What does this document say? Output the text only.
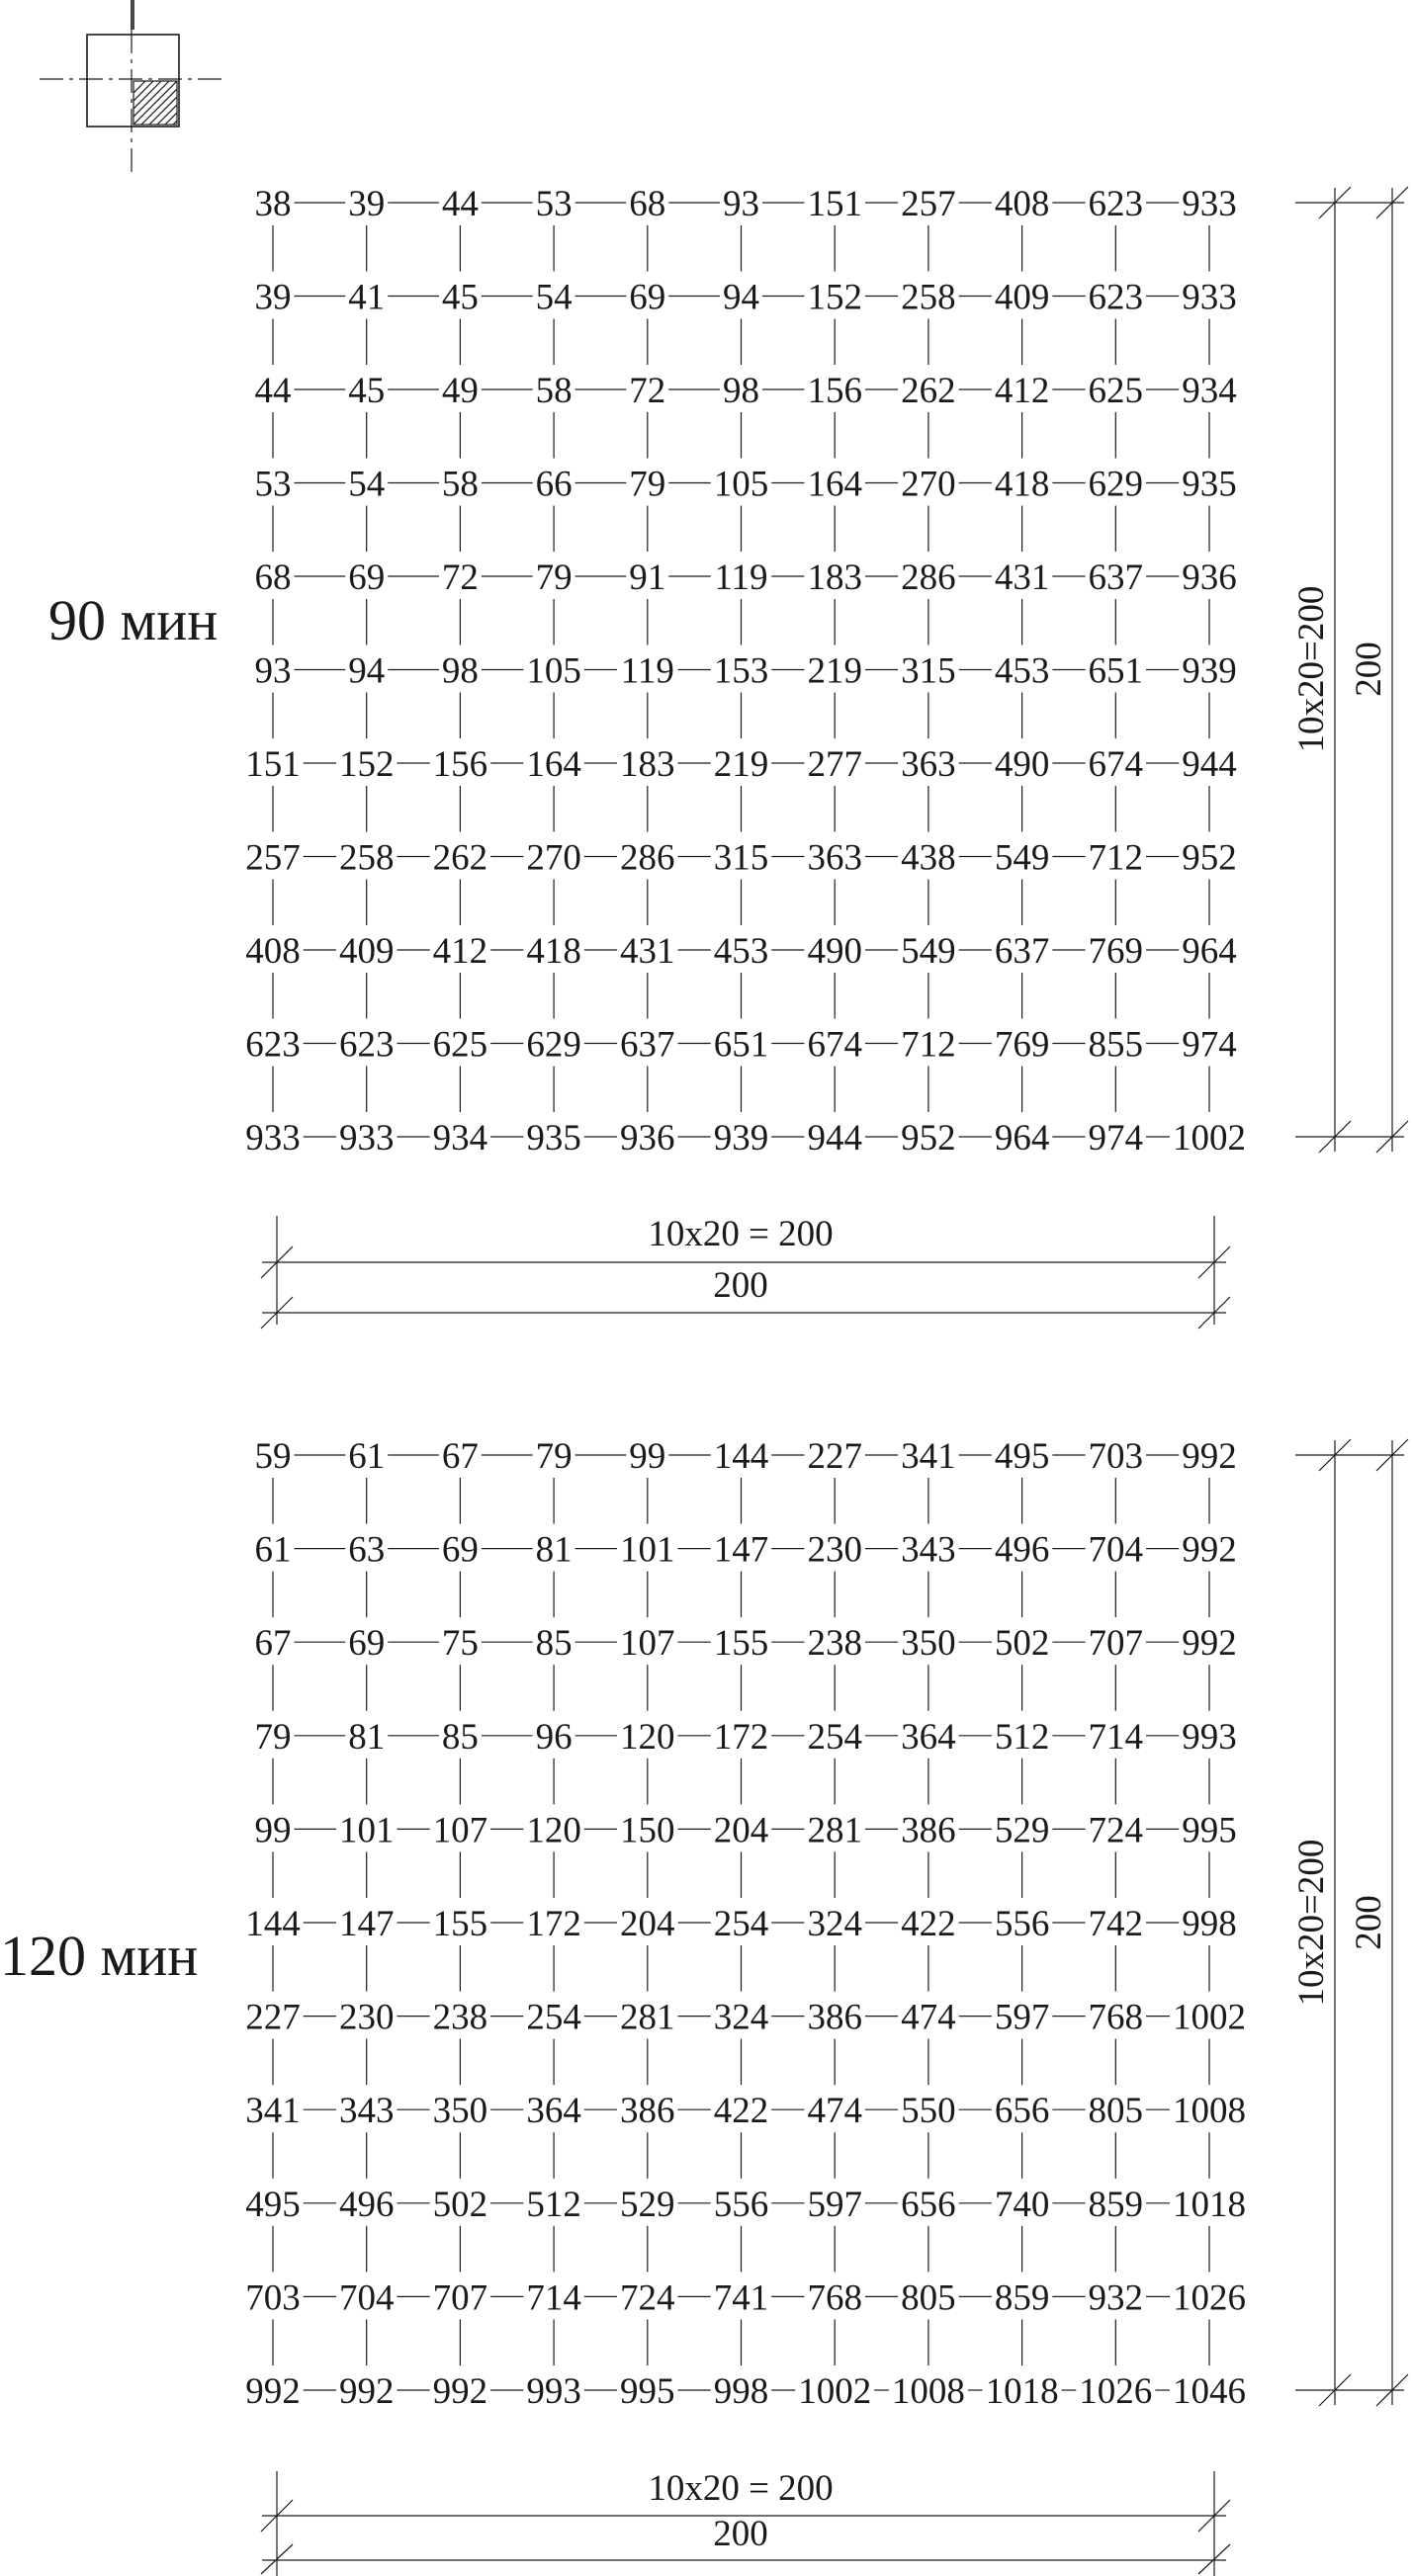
90 мин
38 39 44 53 68 93 151 257 408 623 933
39 41 45 54 69 94 152 258 409 623 933
44 45 49 58 72 98 156 262 412 625 934
53 54 58 66 79 105 164 270 418 629 935
68 69 72 79 91 119 183 286 431 637 936
93 94 98 105 119 153 219 315 453 651 939
151 152 156 164 183 219 277 363 490 674 944
257 258 262 270 286 315 363 438 549 712 952
408 409 412 418 431 453 490 549 637 769 964
623 623 625 629 637 651 674 712 769 855 974
933 933 934 935 936 939 944 952 964 974 1002
10x20 = 200
200
10x20=200 200
120 мин
59 61 67 79 99 144 227 341 495 703 992
61 63 69 81 101 147 230 343 496 704 992
67 69 75 85 107 155 238 350 502 707 992
79 81 85 96 120 172 254 364 512 714 993
99 101 107 120 150 204 281 386 529 724 995
144 147 155 172 204 254 324 422 556 742 998
227 230 238 254 281 324 386 474 597 768 1002
341 343 350 364 386 422 474 550 656 805 1008
495 496 502 512 529 556 597 656 740 859 1018
703 704 707 714 724 741 768 805 859 932 1026
992 992 992 993 995 998 1002 1008 1018 1026 1046
10x20 = 200
200
10x20=200 200
